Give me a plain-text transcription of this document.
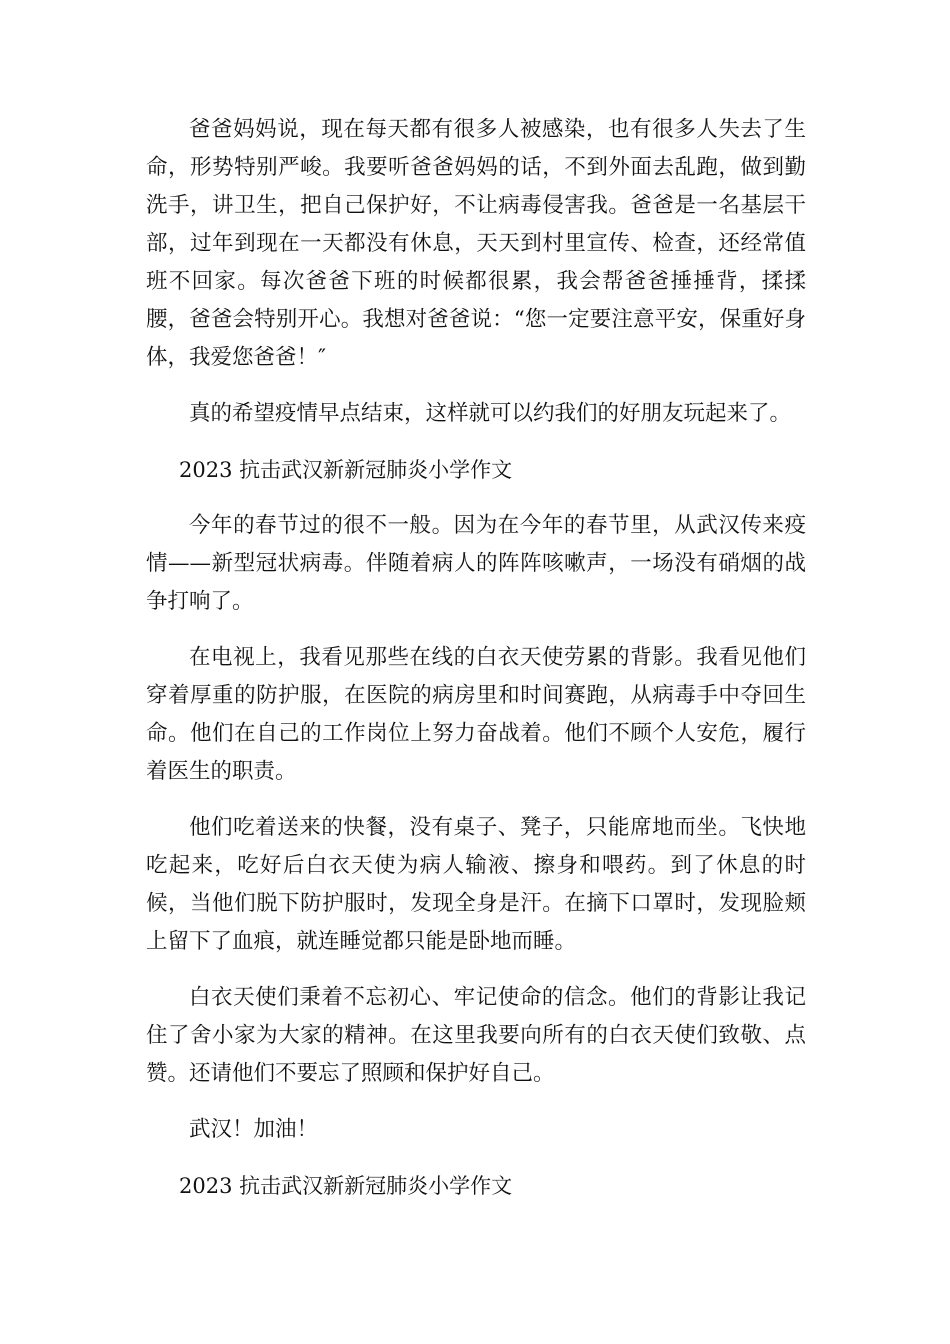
爸爸妈妈说，现在每天都有很多人被感染，也有很多人失去了生命，形势特别严峻。我要听爸爸妈妈的话，不到外面去乱跑，做到勤洗手，讲卫生，把自己保护好，不让病毒侵害我。爸爸是一名基层干部，过年到现在一天都没有休息，天天到村里宣传、检查，还经常值班不回家。每次爸爸下班的时候都很累，我会帮爸爸捶捶背，揉揉腰，爸爸会特别开心。我想对爸爸说：“您一定要注意平安，保重好身体，我爱您爸爸！″

真的希望疫情早点结束，这样就可以约我们的好朋友玩起来了。

2023 抗击武汉新新冠肺炎小学作文

今年的春节过的很不一般。因为在今年的春节里，从武汉传来疫情——新型冠状病毒。伴随着病人的阵阵咳嗽声，一场没有硝烟的战争打响了。

在电视上，我看见那些在线的白衣天使劳累的背影。我看见他们穿着厚重的防护服，在医院的病房里和时间赛跑，从病毒手中夺回生命。他们在自己的工作岗位上努力奋战着。他们不顾个人安危，履行着医生的职责。

他们吃着送来的快餐，没有桌子、凳子，只能席地而坐。飞快地吃起来，吃好后白衣天使为病人输液、擦身和喂药。到了休息的时候，当他们脱下防护服时，发现全身是汗。在摘下口罩时，发现脸颊上留下了血痕，就连睡觉都只能是卧地而睡。

白衣天使们秉着不忘初心、牢记使命的信念。他们的背影让我记住了舍小家为大家的精神。在这里我要向所有的白衣天使们致敬、点赞。还请他们不要忘了照顾和保护好自己。

武汉！加油！

2023 抗击武汉新新冠肺炎小学作文
